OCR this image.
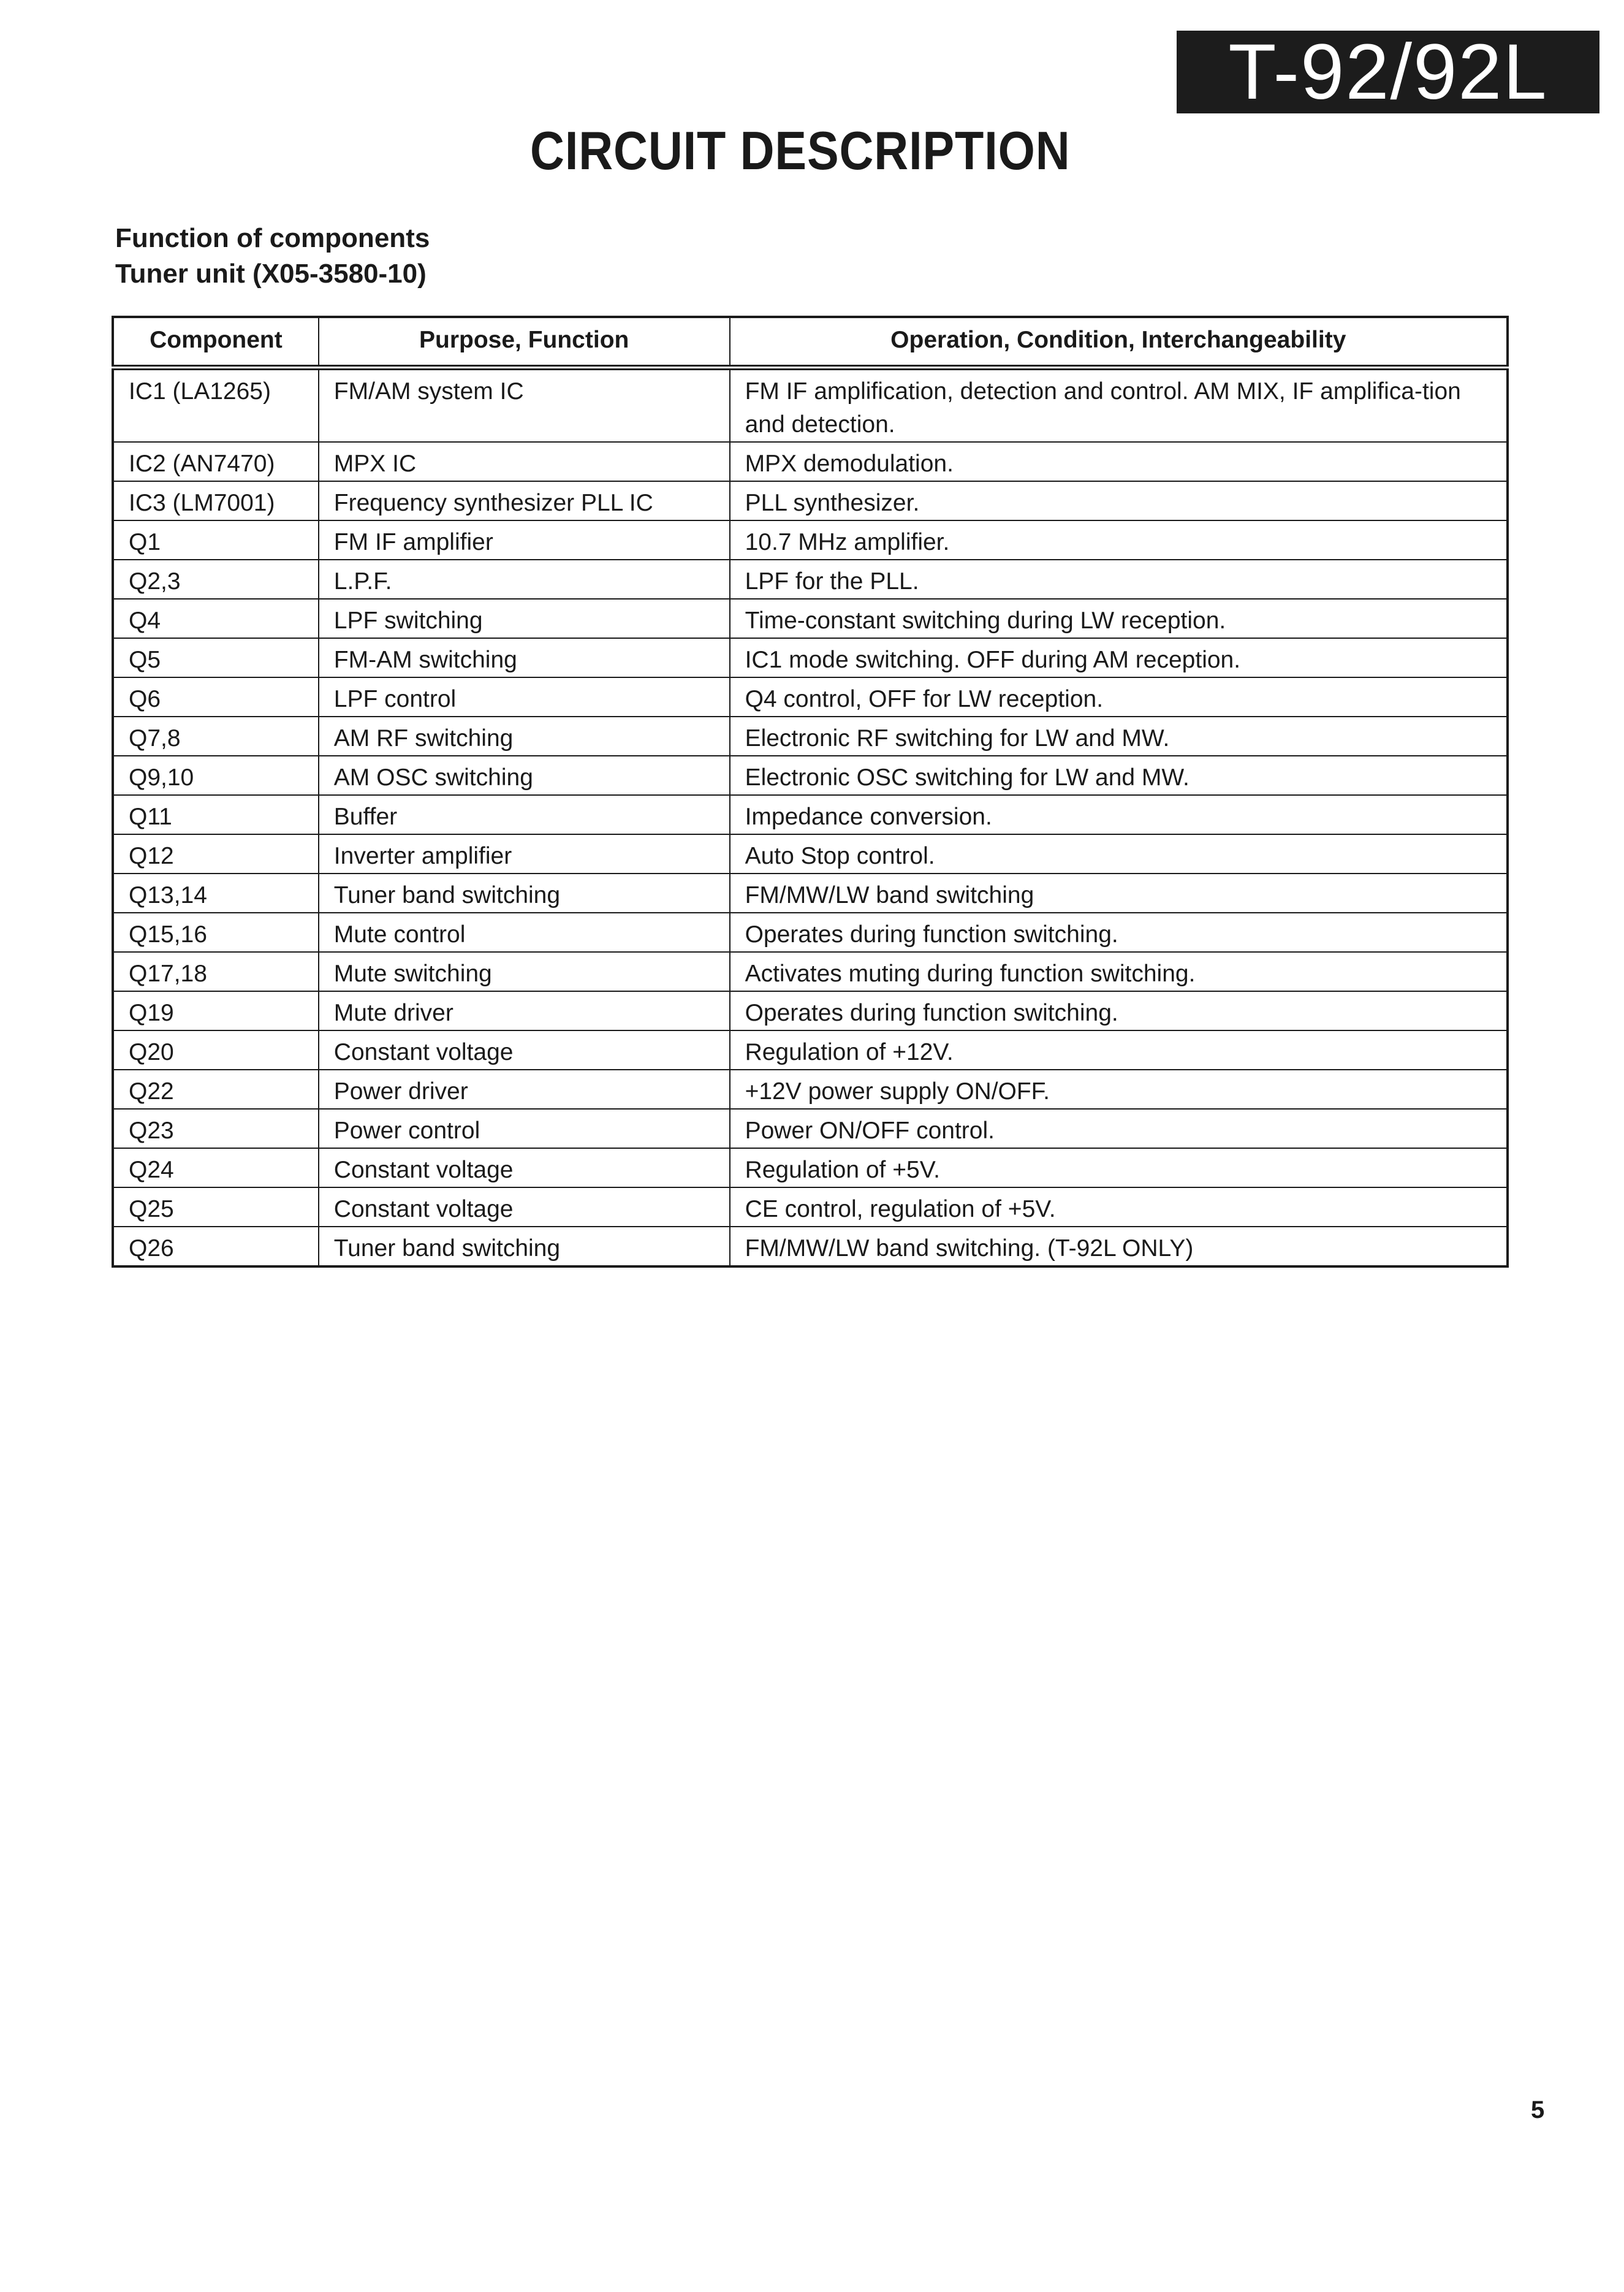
T-92/92L
CIRCUIT DESCRIPTION
Function of components
Tuner unit (X05-3580-10)
Component	Purpose, Function	Operation, Condition, Interchangeability
IC1 (LA1265)	FM/AM system IC	FM IF amplification, detection and control. AM MIX, IF amplifica-tion and detection.
IC2 (AN7470)	MPX IC	MPX demodulation.
IC3 (LM7001)	Frequency synthesizer PLL IC	PLL synthesizer.
Q1	FM IF amplifier	10.7 MHz amplifier.
Q2,3	L.P.F.	LPF for the PLL.
Q4	LPF switching	Time-constant switching during LW reception.
Q5	FM-AM switching	IC1 mode switching. OFF during AM reception.
Q6	LPF control	Q4 control, OFF for LW reception.
Q7,8	AM RF switching	Electronic RF switching for LW and MW.
Q9,10	AM OSC switching	Electronic OSC switching for LW and MW.
Q11	Buffer	Impedance conversion.
Q12	Inverter amplifier	Auto Stop control.
Q13,14	Tuner band switching	FM/MW/LW band switching
Q15,16	Mute control	Operates during function switching.
Q17,18	Mute switching	Activates muting during function switching.
Q19	Mute driver	Operates during function switching.
Q20	Constant voltage	Regulation of +12V.
Q22	Power driver	+12V power supply ON/OFF.
Q23	Power control	Power ON/OFF control.
Q24	Constant voltage	Regulation of +5V.
Q25	Constant voltage	CE control, regulation of +5V.
Q26	Tuner band switching	FM/MW/LW band switching. (T-92L ONLY)
5
